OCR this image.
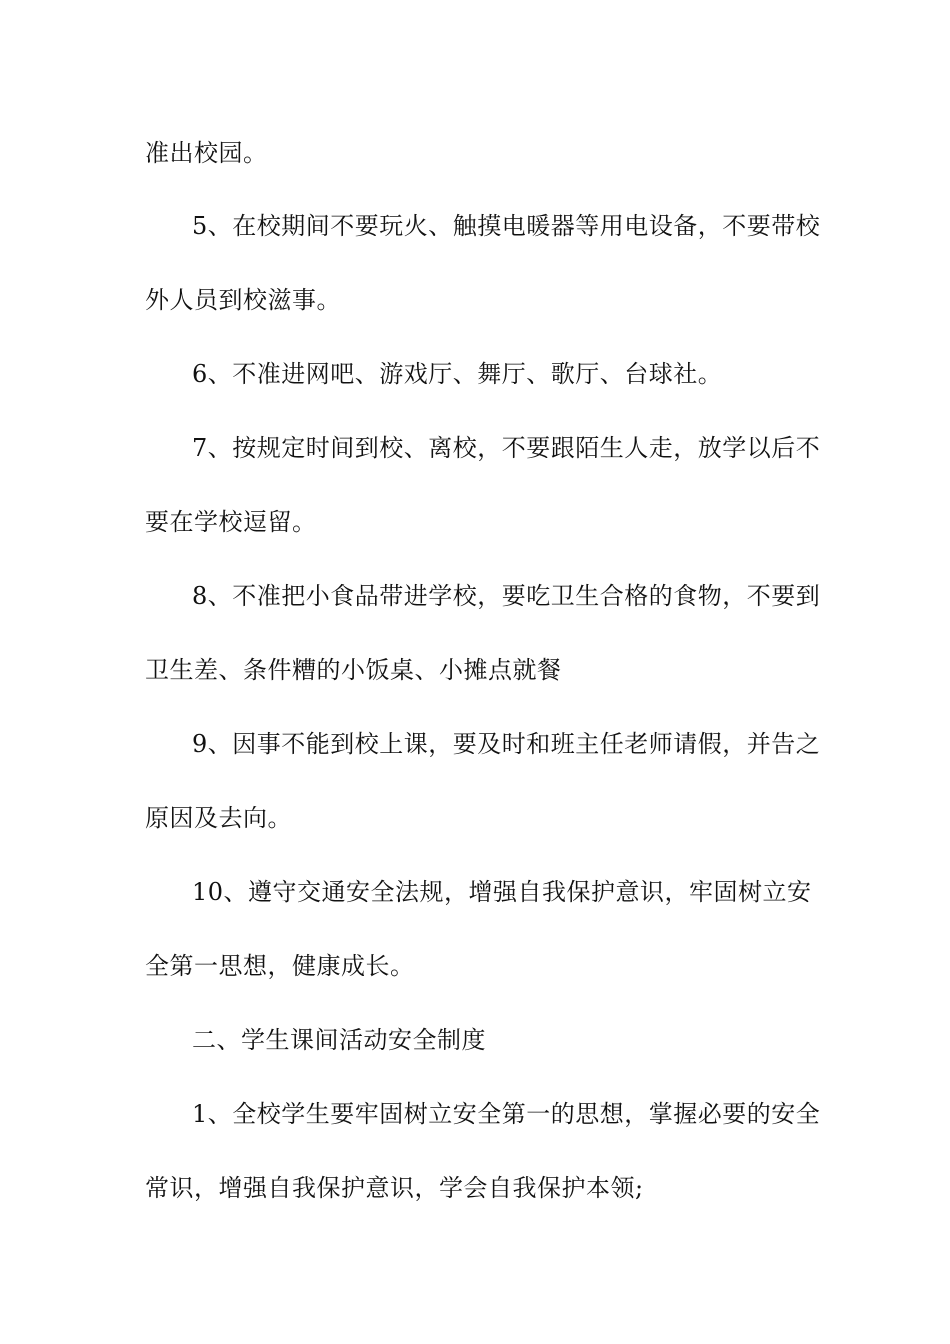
准出校园。
5、在校期间不要玩火、触摸电暖器等用电设备，不要带校
外人员到校滋事。
6、不准进网吧、游戏厅、舞厅、歌厅、台球社。
7、按规定时间到校、离校，不要跟陌生人走，放学以后不
要在学校逗留。
8、不准把小食品带进学校，要吃卫生合格的食物，不要到
卫生差、条件糟的小饭桌、小摊点就餐
9、因事不能到校上课，要及时和班主任老师请假，并告之
原因及去向。
10、遵守交通安全法规，增强自我保护意识，牢固树立安
全第一思想，健康成长。
二、学生课间活动安全制度
1、全校学生要牢固树立安全第一的思想，掌握必要的安全
常识，增强自我保护意识，学会自我保护本领;
